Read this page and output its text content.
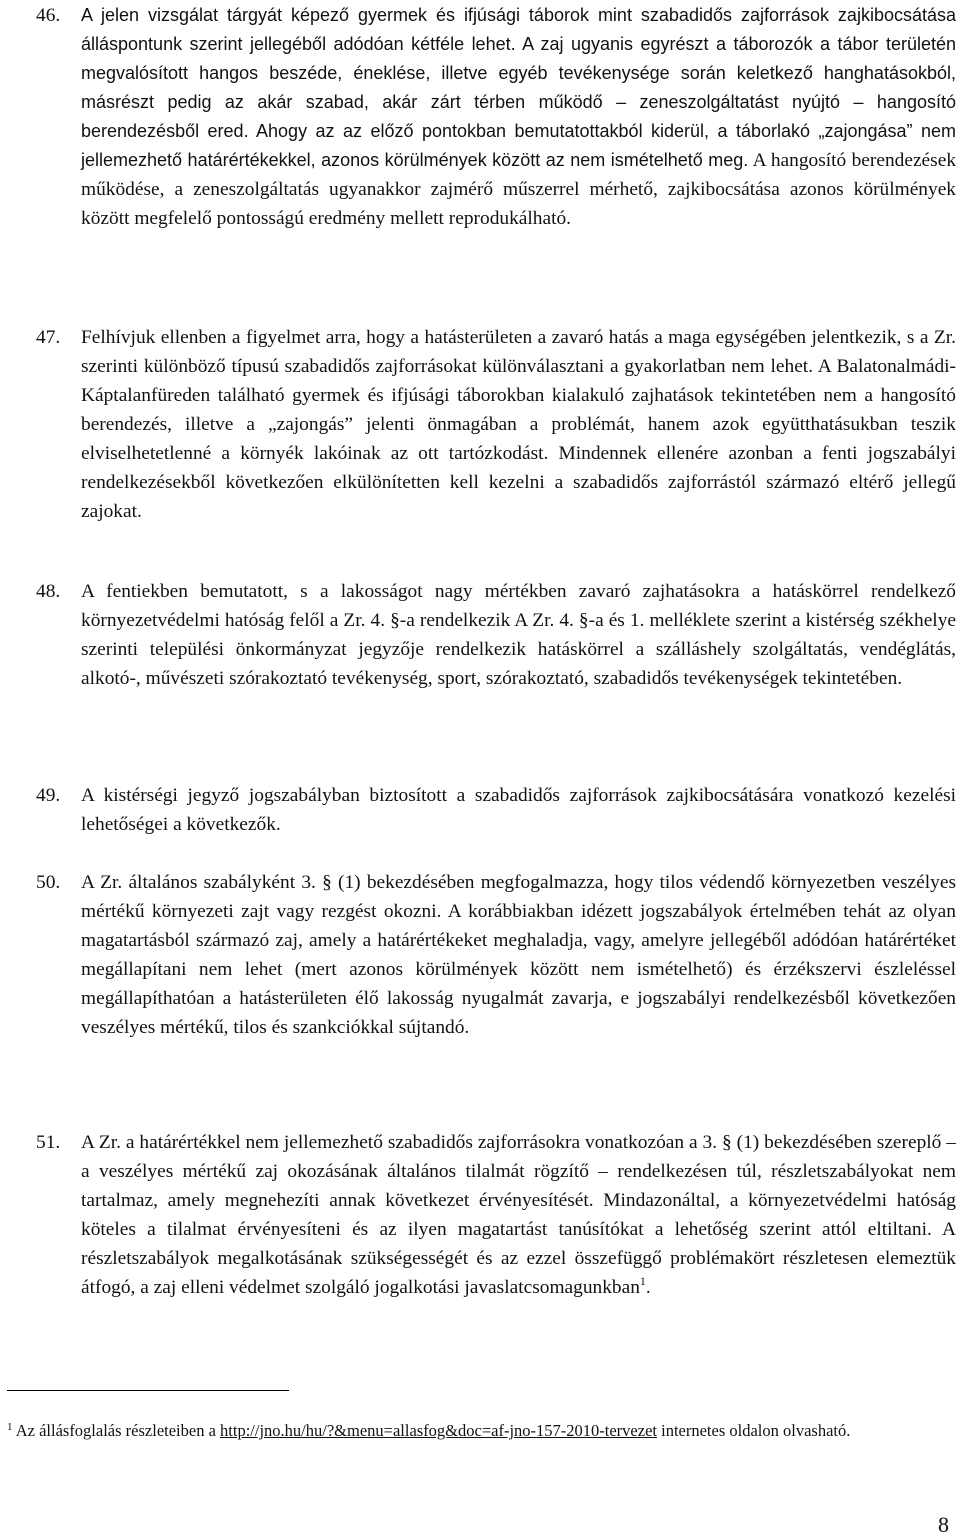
46.	A jelen vizsgálat tárgyát képező gyermek és ifjúsági táborok mint szabadidős zajforrások zajkibocsátása álláspontunk szerint jellegéből adódóan kétféle lehet. A zaj ugyanis egyrészt a táborozók a tábor területén megvalósított hangos beszéde, éneklése, illetve egyéb tevékenysége során keletkező hanghatásokból, másrészt pedig az akár szabad, akár zárt térben működő – zeneszolgáltatást nyújtó – hangosító berendezésből ered. Ahogy az az előző pontokban bemutatottakból kiderül, a táborlakó „zajongása” nem jellemezhető határértékekkel, azonos körülmények között az nem ismételhető meg. A hangosító berendezések működése, a zeneszolgáltatás ugyanakkor zajmérő műszerrel mérhető, zajkibocsátása azonos körülmények között megfelelő pontosságú eredmény mellett reprodukálható.
47.	Felhívjuk ellenben a figyelmet arra, hogy a hatásterületen a zavaró hatás a maga egységében jelentkezik, s a Zr. szerinti különböző típusú szabadidős zajforrásokat különválasztani a gyakorlatban nem lehet. A Balatonalmádi-Káptalanfüreden található gyermek és ifjúsági táborokban kialakuló zajhatások tekintetében nem a hangosító berendezés, illetve a „zajongás” jelenti önmagában a problémát, hanem azok együtthatásukban teszik elviselhetetlenné a környék lakóinak az ott tartózkodást. Mindennek ellenére azonban a fenti jogszabályi rendelkezésekből következően elkülönítetten kell kezelni a szabadidős zajforrástól származó eltérő jellegű zajokat.
48.	A fentiekben bemutatott, s a lakosságot nagy mértékben zavaró zajhatásokra a hatáskörrel rendelkező környezetvédelmi hatóság felől a Zr. 4. §-a rendelkezik A Zr. 4. §-a és 1. melléklete szerint a kistérség székhelye szerinti települési önkormányzat jegyzője rendelkezik hatáskörrel a szálláshely szolgáltatás, vendéglátás, alkotó-, művészeti szórakoztató tevékenység, sport, szórakoztató, szabadidős tevékenységek tekintetében.
49.	A kistérségi jegyző jogszabályban biztosított a szabadidős zajforrások zajkibocsátására vonatkozó kezelési lehetőségei a következők.
50.	A Zr. általános szabályként 3. § (1) bekezdésében megfogalmazza, hogy tilos védendő környezetben veszélyes mértékű környezeti zajt vagy rezgést okozni. A korábbiakban idézett jogszabályok értelmében tehát az olyan magatartásból származó zaj, amely a határértékeket meghaladja, vagy, amelyre jellegéből adódóan határértéket megállapítani nem lehet (mert azonos körülmények között nem ismételhető) és érzékszervi észleléssel megállapíthatóan a hatásterületen élő lakosság nyugalmát zavarja, e jogszabályi rendelkezésből következően veszélyes mértékű, tilos és szankciókkal sújtandó.
51.	A Zr. a határértékkel nem jellemezhető szabadidős zajforrásokra vonatkozóan a 3. § (1) bekezdésében szereplő – a veszélyes mértékű zaj okozásának általános tilalmát rögzítő – rendelkezésen túl, részletszabályokat nem tartalmaz, amely megnehezíti annak következet érvényesítését. Mindazonáltal, a környezetvédelmi hatóság köteles a tilalmat érvényesíteni és az ilyen magatartást tanúsítókat a lehetőség szerint attól eltiltani. A részletszabályok megalkotásának szükségességét és az ezzel összefüggő problémakört részletesen elemeztük átfogó, a zaj elleni védelmet szolgáló jogalkotási javaslatcsomagunkban$^1$.
$^1$ Az állásfoglalás részleteiben a http://jno.hu/hu/?&menu=allasfog&doc=af-jno-157-2010-tervezet internetes oldalon olvasható.
8
